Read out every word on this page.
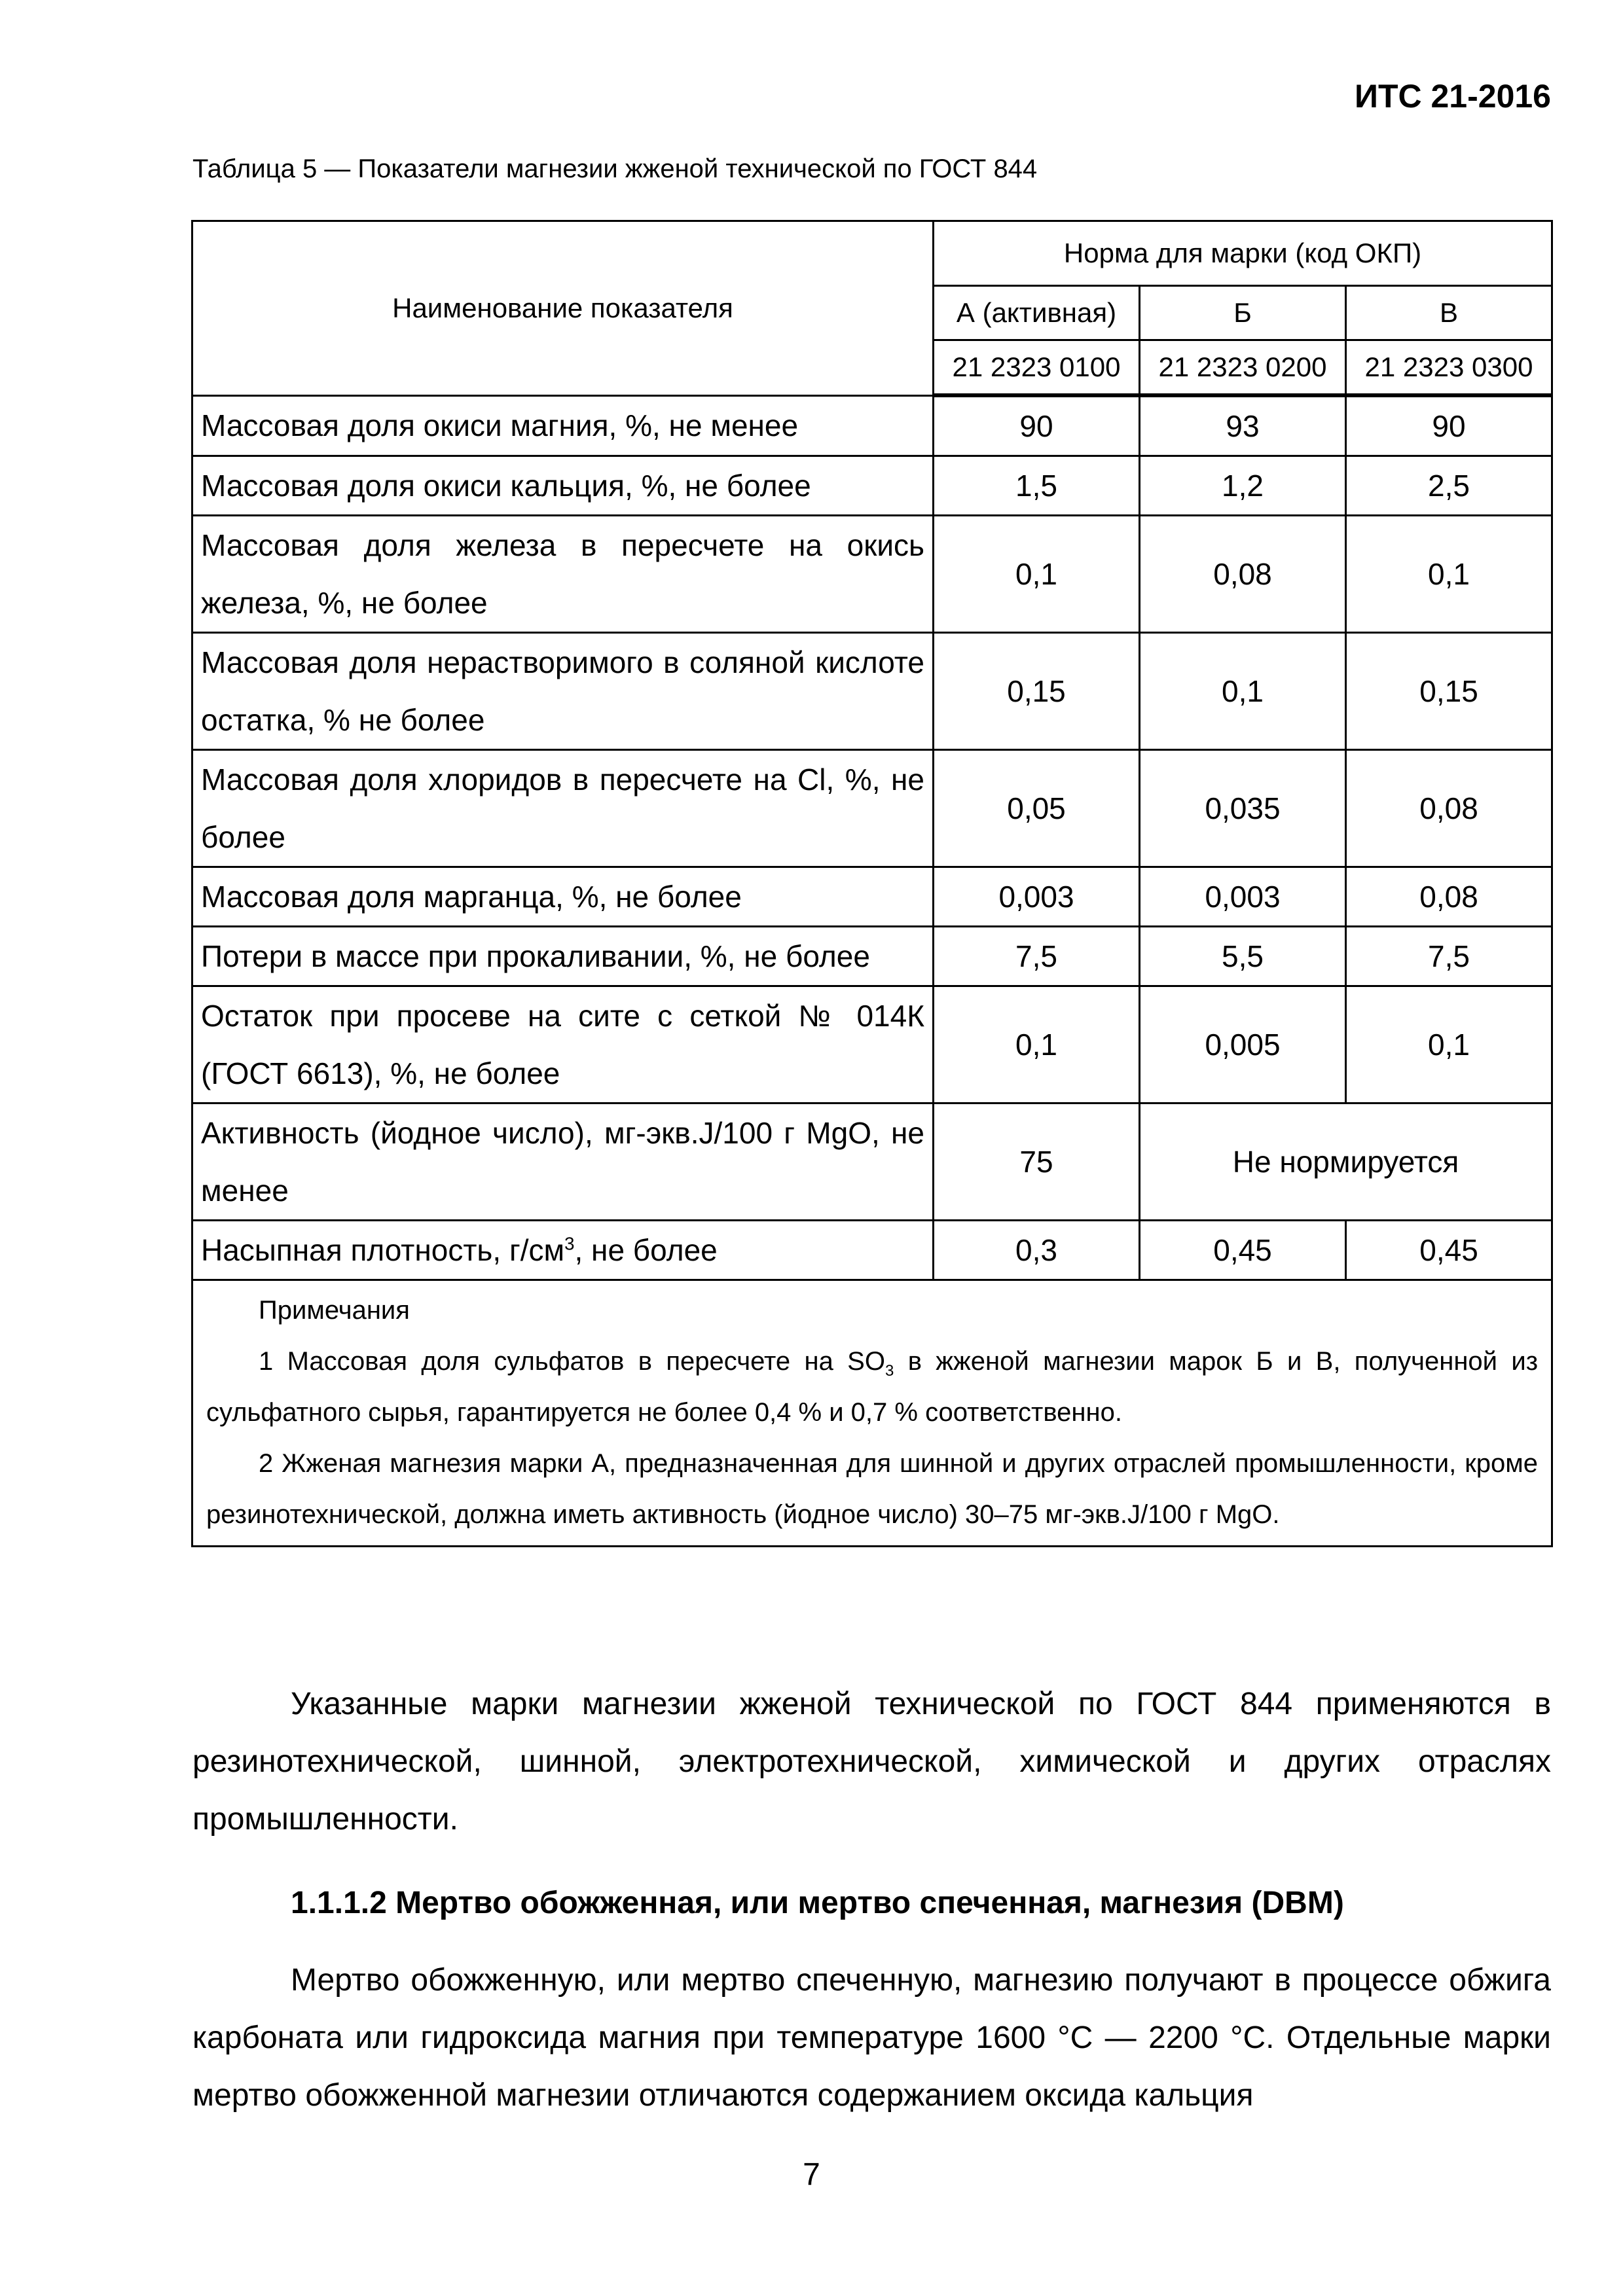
ИТС 21-2016
Таблица 5 — Показатели магнезии жженой технической по ГОСТ 844
Наименование показателя	Норма для марки (код ОКП)		
	А (активная)	Б	В
	21 2323 0100	21 2323 0200	21 2323 0300
Массовая доля окиси магния, %, не менее	90	93	90
Массовая доля окиси кальция, %, не более	1,5	1,2	2,5
Массовая доля железа в пересчете на окись железа, %, не более	0,1	0,08	0,1
Массовая доля нерастворимого в соляной кислоте остатка, % не более	0,15	0,1	0,15
Массовая доля хлоридов в пересчете на Cl, %, не более	0,05	0,035	0,08
Массовая доля марганца, %, не более	0,003	0,003	0,08
Потери в массе при прокаливании, %, не более	7,5	5,5	7,5
Остаток при просеве на сите с сеткой № 014К (ГОСТ 6613), %, не более	0,1	0,005	0,1
Активность (йодное число), мг-экв.J/100 г MgO, не менее	75	Не нормируется	
Насыпная плотность, $г/см^3$, не более	0,3	0,45	0,45

Примечания

1 Массовая доля сульфатов в пересчете на $SO_3$ в жженой магнезии марок Б и В, полученной из сульфатного сырья, гарантируется не более 0,4 % и 0,7 % соответственно.

2 Жженая магнезия марки А, предназначенная для шинной и других отраслей промышленности, кроме резинотехнической, должна иметь активность (йодное число) 30–75 мг-экв.J/100 г MgO.			

Указанные марки магнезии жженой технической по ГОСТ 844 применяются в резинотехнической, шинной, электротехнической, химической и других отраслях промышленности.

1.1.1.2 Мертво обожженная, или мертво спеченная, магнезия (DBM)

Мертво обожженную, или мертво спеченную, магнезию получают в процессе обжига карбоната или гидроксида магния при температуре 1600 °С — 2200 °С. Отдельные марки мертво обожженной магнезии отличаются содержанием оксида кальция

7
